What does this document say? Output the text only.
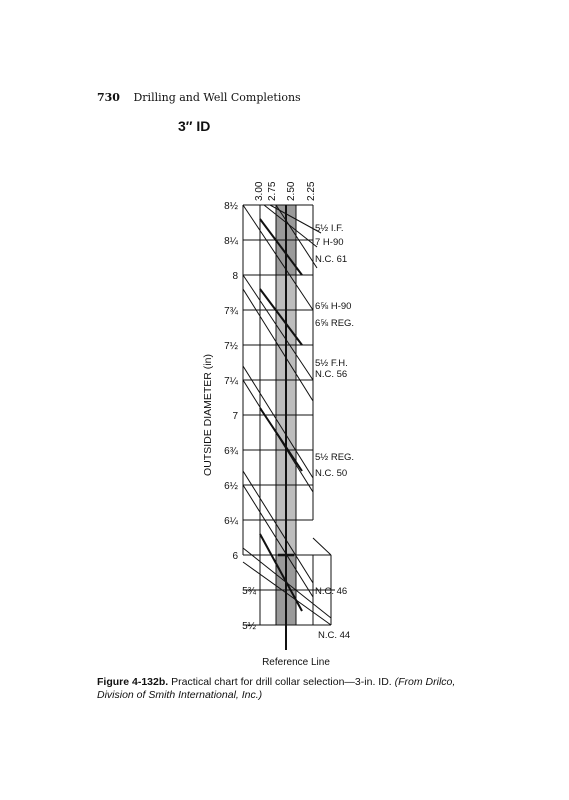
730 Drilling and Well Completions
3″ ID
8½
8¼
8
7¾
7½
7¼
7
6¾
6½
6¼
6
5¾
5½
3.00 2.75 2.50 2.25
OUTSIDE DIAMETER (in)
5½ I.F.
7 H-90
N.C. 61
6⅝ H-90
6⅝ REG.
5½ F.H.
N.C. 56
5½ REG.
N.C. 50
N.C. 46
N.C. 44
Reference Line
Figure 4-132b. Practical chart for drill collar selection—3-in. ID. (From Drilco, Division of Smith International, Inc.)
